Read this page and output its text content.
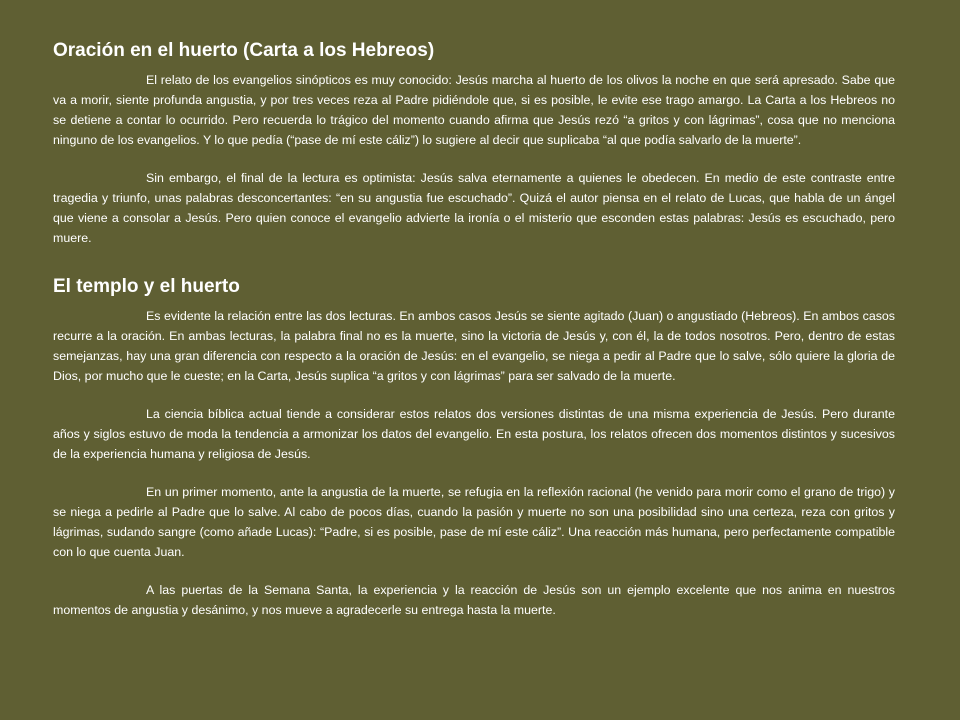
Oración en el huerto (Carta a los Hebreos)

El relato de los evangelios sinópticos es muy conocido: Jesús marcha al huerto de los olivos la noche en que será apresado. Sabe que va a morir, siente profunda angustia, y por tres veces reza al Padre pidiéndole que, si es posible, le evite ese trago amargo. La Carta a los Hebreos no se detiene a contar lo ocurrido. Pero recuerda lo trágico del momento cuando afirma que Jesús rezó “a gritos y con lágrimas”, cosa que no menciona ninguno de los evangelios. Y lo que pedía (“pase de mí este cáliz”) lo sugiere al decir que suplicaba “al que podía salvarlo de la muerte”.

Sin embargo, el final de la lectura es optimista: Jesús salva eternamente a quienes le obedecen. En medio de este contraste entre tragedia y triunfo, unas palabras desconcertantes: “en su angustia fue escuchado”. Quizá el autor piensa en el relato de Lucas, que habla de un ángel que viene a consolar a Jesús. Pero quien conoce el evangelio advierte la ironía o el misterio que esconden estas palabras: Jesús es escuchado, pero muere.

El templo y el huerto

Es evidente la relación entre las dos lecturas. En ambos casos Jesús se siente agitado (Juan) o angustiado (Hebreos). En ambos casos recurre a la oración. En ambas lecturas, la palabra final no es la muerte, sino la victoria de Jesús y, con él, la de todos nosotros. Pero, dentro de estas semejanzas, hay una gran diferencia con respecto a la oración de Jesús: en el evangelio, se niega a pedir al Padre que lo salve, sólo quiere la gloria de Dios, por mucho que le cueste; en la Carta, Jesús suplica “a gritos y con lágrimas” para ser salvado de la muerte.

La ciencia bíblica actual tiende a considerar estos relatos dos versiones distintas de una misma experiencia de Jesús. Pero durante años y siglos estuvo de moda la tendencia a armonizar los datos del evangelio. En esta postura, los relatos ofrecen dos momentos distintos y sucesivos de la experiencia humana y religiosa de Jesús.

En un primer momento, ante la angustia de la muerte, se refugia en la reflexión racional (he venido para morir como el grano de trigo) y se niega a pedirle al Padre que lo salve. Al cabo de pocos días, cuando la pasión y muerte no son una posibilidad sino una certeza, reza con gritos y lágrimas, sudando sangre (como añade Lucas): “Padre, si es posible, pase de mí este cáliz”. Una reacción más humana, pero perfectamente compatible con lo que cuenta Juan.

A las puertas de la Semana Santa, la experiencia y la reacción de Jesús son un ejemplo excelente que nos anima en nuestros momentos de angustia y desánimo, y nos mueve a agradecerle su entrega hasta la muerte.
